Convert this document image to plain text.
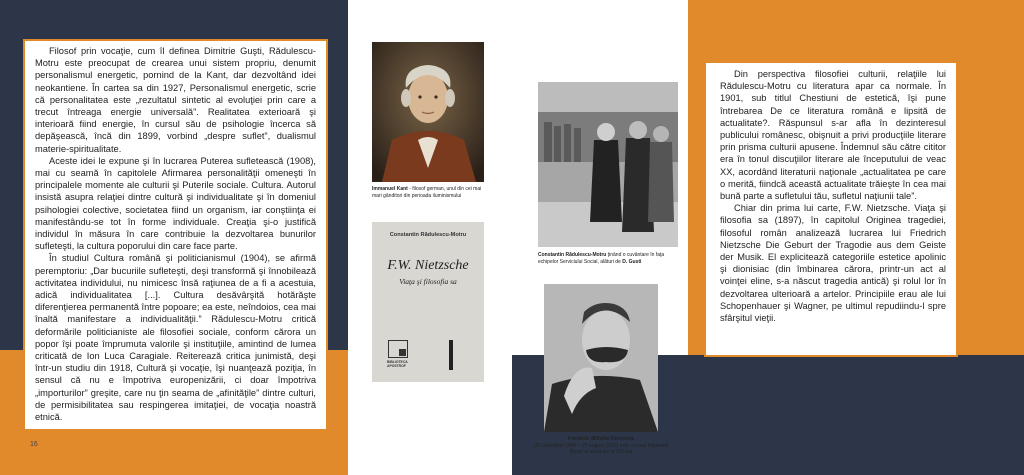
Filosof prin vocaţie, cum îl definea Dimitrie Guşti, Rădulescu-Motru este preocupat de crearea unui sistem propriu, denumit personalismul energetic, pornind de la Kant, dar dezvoltând idei neokantiene. În cartea sa din 1927, Personalismul energetic, scrie că personalitatea este „rezultatul sintetic al evoluţiei prin care a trecut întreaga energie universală”. Realitatea exterioară şi interioară fiind energie, în cursul său de psihologie încerca să depăşească, încă din 1899, vorbind „despre suflet”, dualismul materie-spiritualitate.

Aceste idei le expune şi în lucrarea Puterea sufletească (1908), mai cu seamă în capitolele Afirmarea personalităţii omeneşti în principalele momente ale culturii şi Puterile sociale. Cultura. Autorul insistă asupra relaţiei dintre cultură şi individualitate şi în domeniul psihologiei colective, societatea fiind un organism, iar conştiinţa ei manifestându-se tot în forme individuale. Creaţia şi-o justifică individul în măsura în care contribuie la dezvoltarea bunurilor sufleteşti, la cultura poporului din care face parte.

În studiul Cultura română şi politicianismul (1904), se afirmă peremptoriu: „Dar bucuriile sufleteşti, deşi transformă şi înnobilează activitatea individului, nu nimicesc însă raţiunea de a fi a acestuia, adică individualitatea [...]. Cultura desăvârşită hotărăşte diferenţierea permanentă între popoare; ea este, neîndoios, cea mai înaltă manifestare a individualităţii.” Rădulescu-Motru critică deformările politicianiste ale filosofiei sociale, conform cărora un popor îşi poate împrumuta valorile şi instituţiile, amintind de lumea criticată de Ion Luca Caragiale. Reiterează critica junimistă, deşi într-un studiu din 1918, Cultură şi vocaţie, îşi nuanţează poziţia, în sensul că nu e împotriva europenizării, ci doar împotriva „importurilor” greşite, care nu ţin seama de „afinităţile” dintre culturi, de permisibilitatea sau respingerea imitaţiei, de vocaţia noastră etnică.

16
Immanuel Kant - filosof german, unul din cei mai mari gânditori din perioada iluminismului
Constantin Rădulescu-Motru
F.W. Nietzsche
Viaţa şi filosofia sa
BIBLIOTECA APOSTROF
Constantin Rădulescu-Motru ţinând o cuvântare în faţa echipelor Serviciului Social, alături de D. Gusti
Friedrich Wilhelm Nietzsche
(15 octombrie 1844 – 25 august 1900) este cel mai important filosof al secolului al XIX-lea

Din perspectiva filosofiei culturii, relaţiile lui Rădulescu-Motru cu literatura apar ca normale. În 1901, sub titlul Chestiuni de estetică, îşi pune întrebarea De ce literatura română e lipsită de actualitate?. Răspunsul s-ar afla în dezinteresul publicului românesc, obişnuit a privi producţiile literare prin prisma culturii apusene. Îndemnul său către cititor era în tonul discuţiilor literare ale începutului de veac XX, acordând literaturii naţionale „actualitatea pe care o merită, fiindcă această actualitate trăieşte în cea mai bună parte a sufletului tău, sufletul naţiunii tale”.

Chiar din prima lui carte, F.W. Nietzsche. Viaţa şi filosofia sa (1897), în capitolul Originea tragediei, filosoful român analizează lucrarea lui Friedrich Nietzsche Die Geburt der Tragodie aus dem Geiste der Musik. El explicitează categoriile estetice apolinic şi dionisiac (din îmbinarea cărora, printr-un act al voinţei eline, s-a născut tragedia antică) şi rolul lor în dezvoltarea ulterioară a artelor. Principiile erau ale lui Schopenhauer şi Wagner, pe ultimul repudiindu-l spre sfârşitul vieţii.
